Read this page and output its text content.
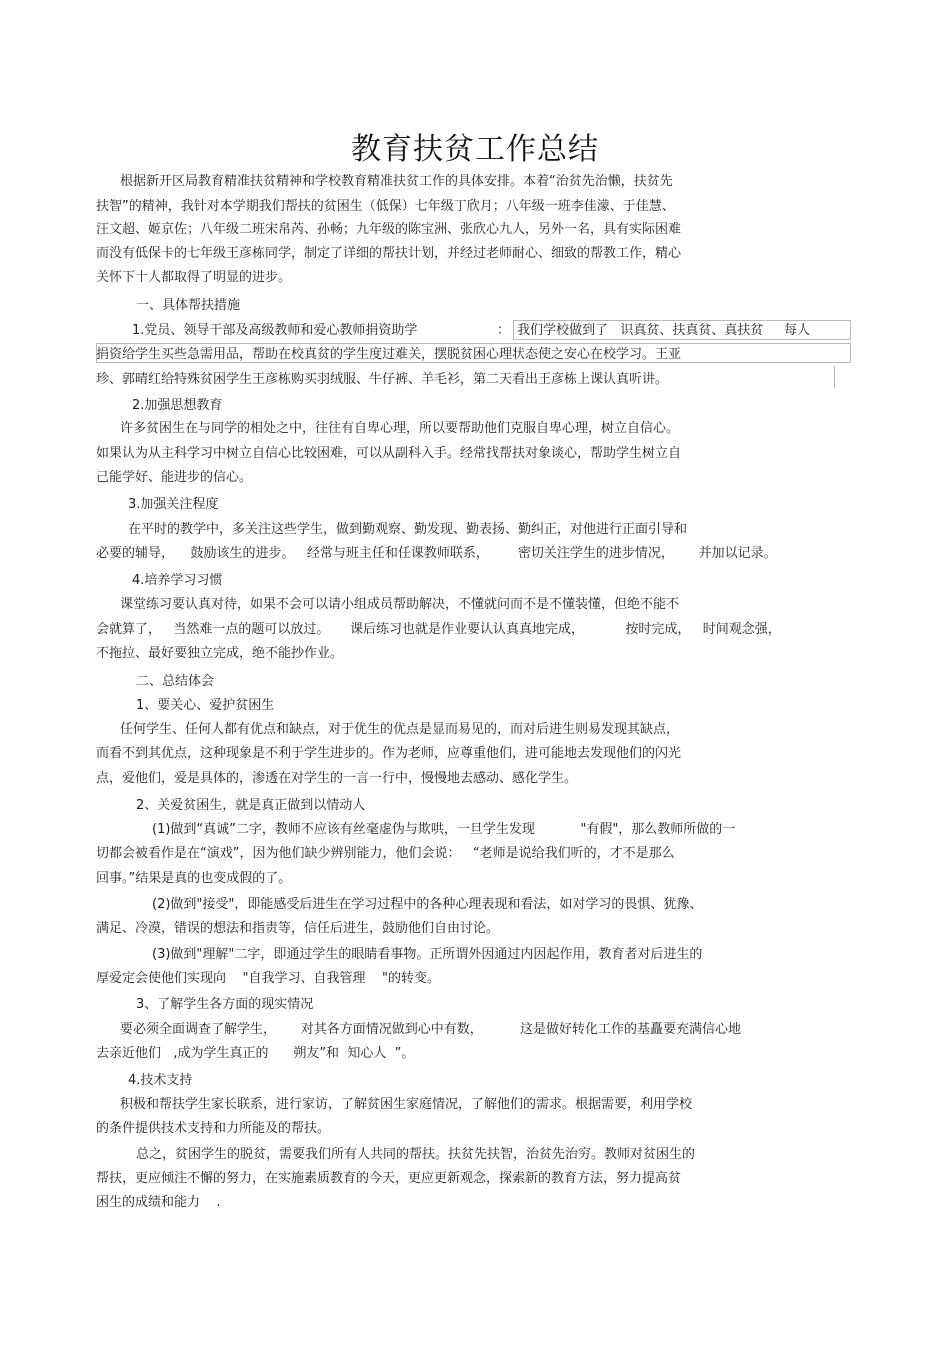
教育扶贫工作总结
根据新开区局教育精准扶贫精神和学校教育精准扶贫工作的具体安排。本着“治贫先治懒，扶贫先
扶智”的精神，我针对本学期我们帮扶的贫困生（低保）七年级丁欣月；八年级一班李佳濛、于佳慧、
汪文超、姬京佐；八年级二班宋帛芮、孙畅；九年级的陈宝洲、张欣心九人，另外一名，具有实际困难
而没有低保卡的七年级王彦栋同学，制定了详细的帮扶计划，并经过老师耐心、细致的帮教工作，精心
关怀下十人都取得了明显的进步。
一、具体帮扶措施
1.党员、领导干部及高级教师和爱心教师捐资助学	： 我们学校做到了   识真贫、扶真贫、真扶贫     每人
捐资给学生买些急需用品，帮助在校真贫的学生度过难关，摆脱贫困心理状态使之安心在校学习。王亚
珍、郭晴红给特殊贫困学生王彦栋购买羽绒服、牛仔裤、羊毛衫，第二天看出王彦栋上课认真听讲。
2.加强思想教育
许多贫困生在与同学的相处之中，往往有自卑心理，所以要帮助他们克服自卑心理，树立自信心。
如果认为从主科学习中树立自信心比较困难，可以从副科入手。经常找帮扶对象谈心，帮助学生树立自
己能学好、能进步的信心。
3.加强关注程度
在平时的教学中，多关注这些学生，做到勤观察、勤发现、勤表扬、勤纠正，对他进行正面引导和
必要的辅导，    鼓励该生的进步。   经常与班主任和任课教师联系，       密切关注学生的进步情况，      并加以记录。
4.培养学习习惯
课堂练习要认真对待，如果不会可以请小组成员帮助解决，不懂就问而不是不懂装懂，但绝不能不
会就算了，   当然难一点的题可以放过。     课后练习也就是作业要认认真真地完成，          按时完成，   时间观念强，
不拖拉、最好要独立完成，绝不能抄作业。
二、总结体会
1、要关心、爱护贫困生
任何学生、任何人都有优点和缺点，对于优生的优点是显而易见的，而对后进生则易发现其缺点，
而看不到其优点，这种现象是不利于学生进步的。作为老师，应尊重他们，进可能地去发现他们的闪光
点，爱他们，爱是具体的，渗透在对学生的一言一行中，慢慢地去感动、感化学生。
2、关爱贫困生，就是真正做到以情动人
(1)做到“真诚”二字，教师不应该有丝毫虚伪与欺哄，一旦学生发现           "有假"，那么教师所做的一
切都会被看作是在“演戏”，因为他们缺少辨别能力，他们会说：   “老师是说给我们听的，才不是那么
回事。”结果是真的也变成假的了。
(2)做到"接受"，即能感受后进生在学习过程中的各种心理表现和看法，如对学习的畏惧、犹豫、
满足、冷漠，错误的想法和指责等，信任后进生，鼓励他们自由讨论。
(3)做到"理解"二字，即通过学生的眼睛看事物。正所谓外因通过内因起作用，教育者对后进生的
厚爱定会使他们实现向    "自我学习、自我管理    "的转变。
3、了解学生各方面的现实情况
要必须全面调查了解学生，      对其各方面情况做到心中有数，         这是做好转化工作的基矗要充满信心地
去亲近他们   ,成为学生真正的      朔友”和  知心人  ”。
4.技术支持
积极和帮扶学生家长联系，进行家访，了解贫困生家庭情况，了解他们的需求。根据需要，利用学校
的条件提供技术支持和力所能及的帮扶。
总之，贫困学生的脱贫，需要我们所有人共同的帮扶。扶贫先扶智，治贫先治穷。教师对贫困生的
帮扶，更应倾注不懈的努力，在实施素质教育的今天，更应更新观念，探索新的教育方法，努力提高贫
困生的成绩和能力    .
